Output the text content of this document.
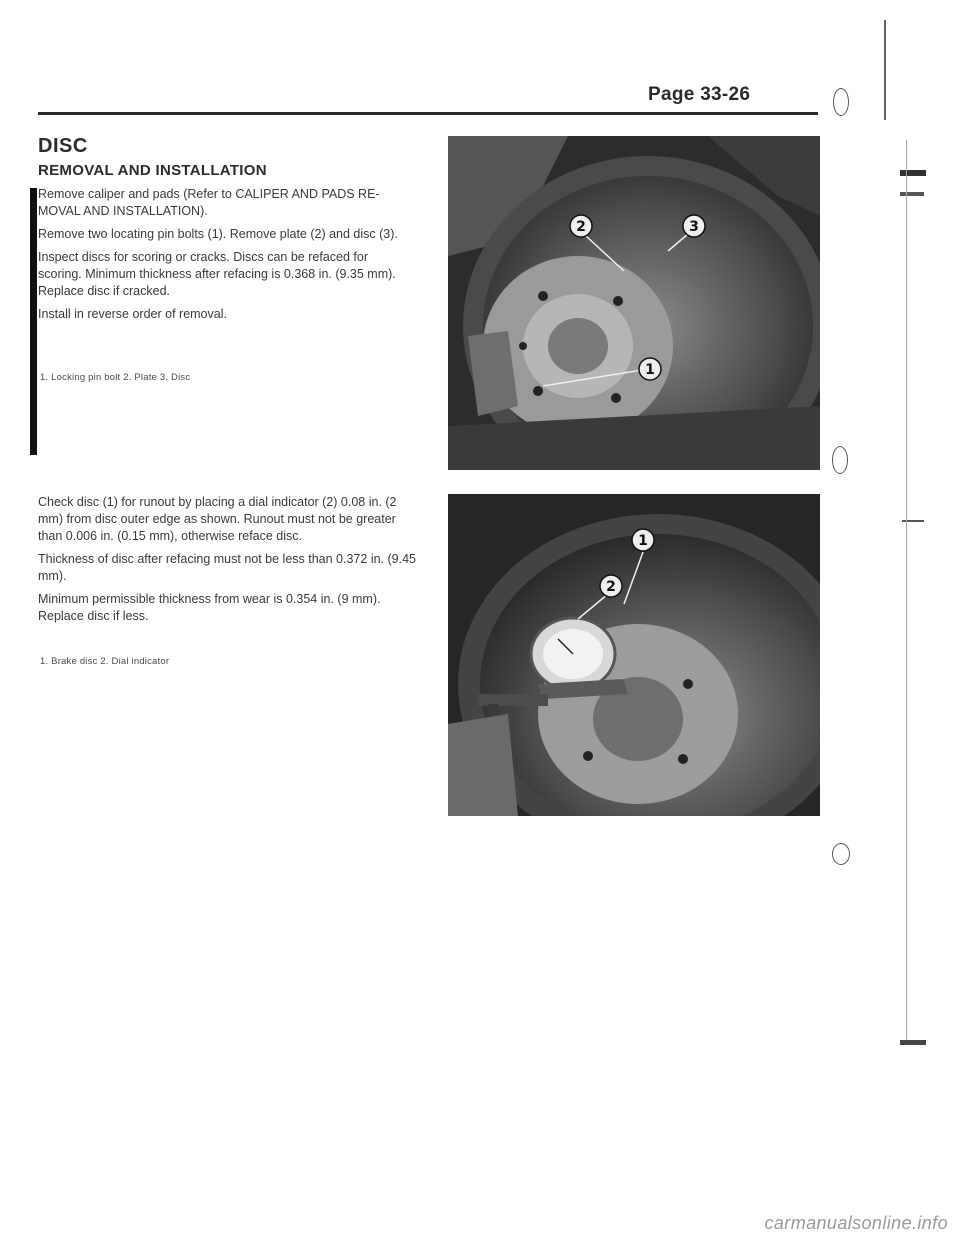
Page 33-26
DISC
REMOVAL AND INSTALLATION

Remove caliper and pads (Refer to CALIPER AND PADS RE-MOVAL AND INSTALLATION).

Remove two locating pin bolts (1). Remove plate (2) and disc (3).

Inspect discs for scoring or cracks. Discs can be refaced for scoring. Minimum thickness after refacing is 0.368 in. (9.35 mm). Replace disc if cracked.

Install in reverse order of removal.

1. Locking pin bolt 2. Plate 3. Disc
2	3
1

Check disc (1) for runout by placing a dial indicator (2) 0.08 in. (2 mm) from disc outer edge as shown. Runout must not be greater than 0.006 in. (0.15 mm), otherwise reface disc.

Thickness of disc after refacing must not be less than 0.372 in. (9.45 mm).

Minimum permissible thickness from wear is 0.354 in. (9 mm). Replace disc if less.

1. Brake disc 2. Dial indicator
1
2
carmanualsonline.info
